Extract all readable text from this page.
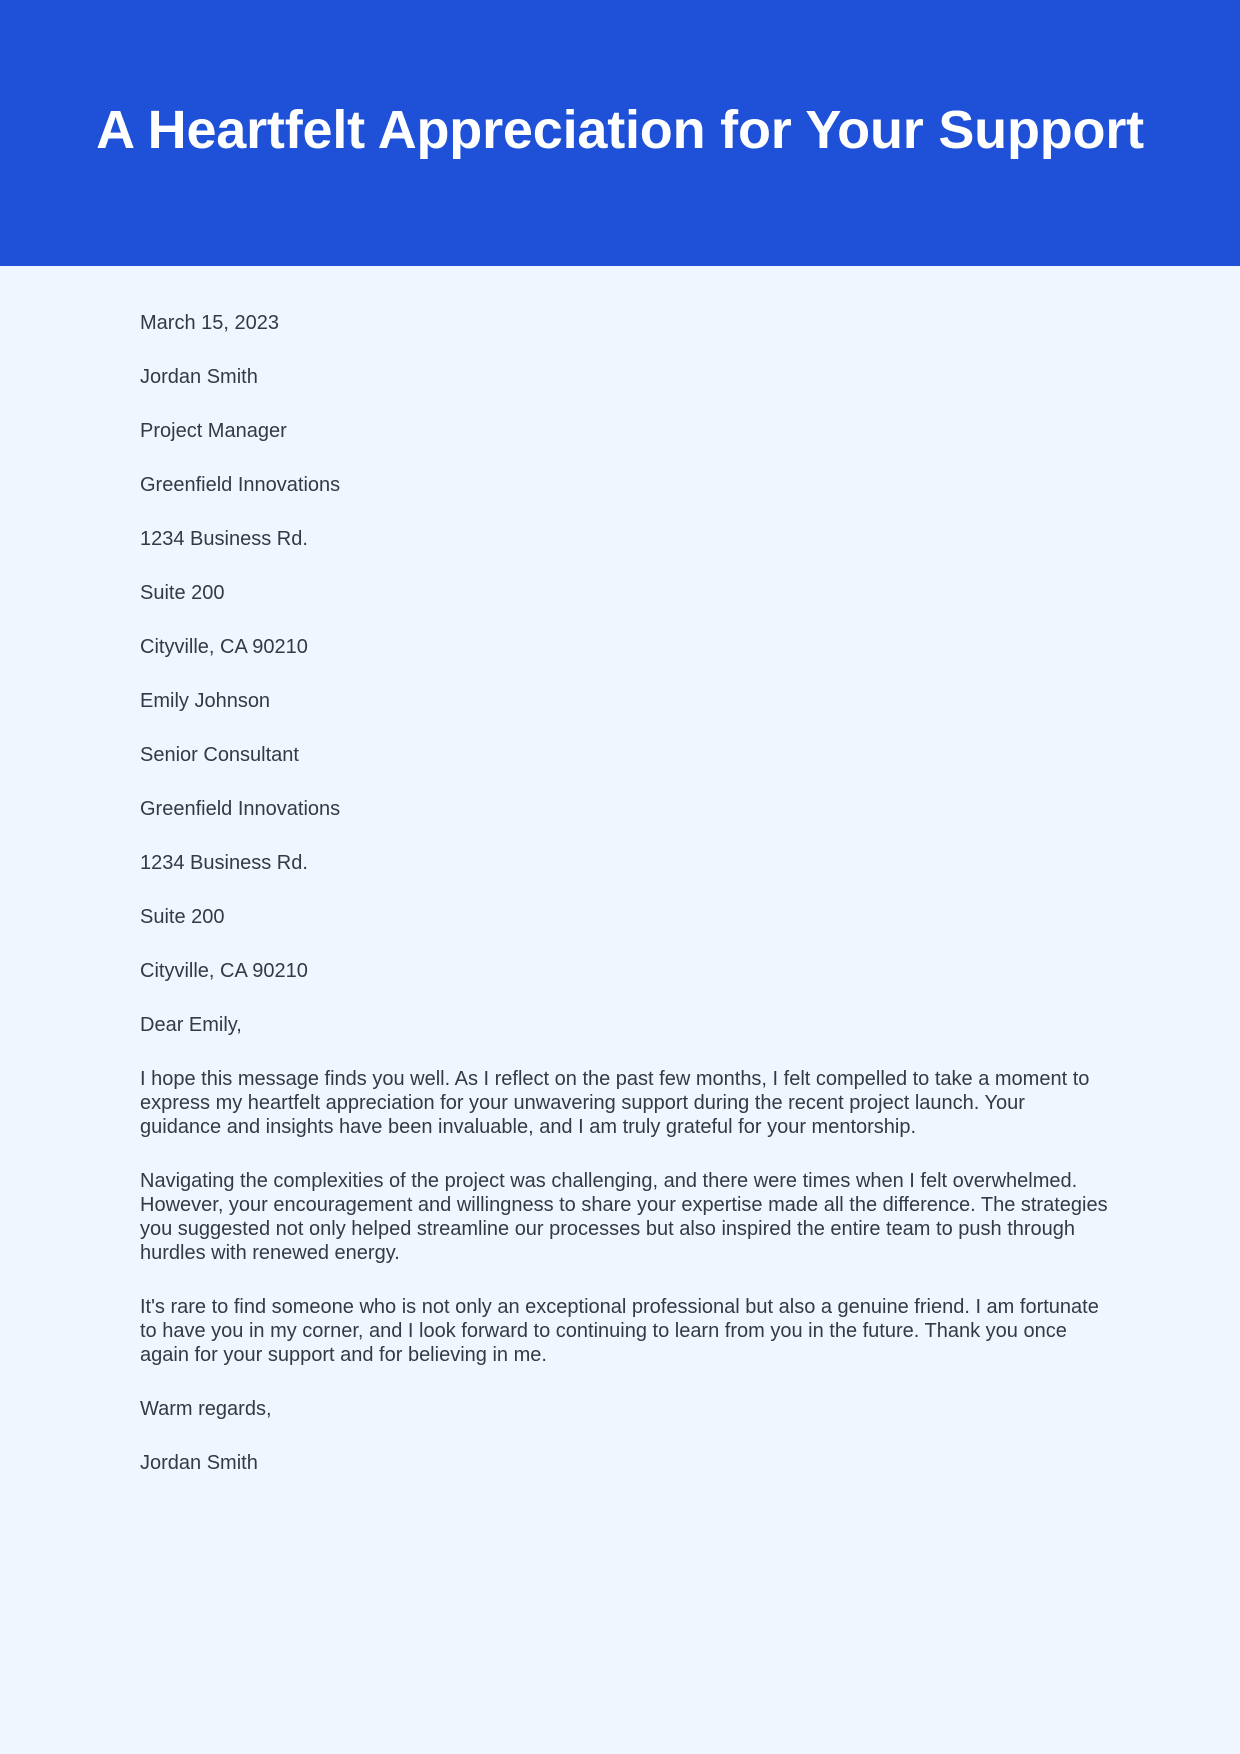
A Heartfelt Appreciation for Your Support
March 15, 2023
Jordan Smith
Project Manager
Greenfield Innovations
1234 Business Rd.
Suite 200
Cityville, CA 90210
Emily Johnson
Senior Consultant
Greenfield Innovations
1234 Business Rd.
Suite 200
Cityville, CA 90210
Dear Emily,
I hope this message finds you well. As I reflect on the past few months, I felt compelled to take a moment to express my heartfelt appreciation for your unwavering support during the recent project launch. Your guidance and insights have been invaluable, and I am truly grateful for your mentorship.
Navigating the complexities of the project was challenging, and there were times when I felt overwhelmed. However, your encouragement and willingness to share your expertise made all the difference. The strategies you suggested not only helped streamline our processes but also inspired the entire team to push through hurdles with renewed energy.
It's rare to find someone who is not only an exceptional professional but also a genuine friend. I am fortunate to have you in my corner, and I look forward to continuing to learn from you in the future. Thank you once again for your support and for believing in me.
Warm regards,
Jordan Smith
